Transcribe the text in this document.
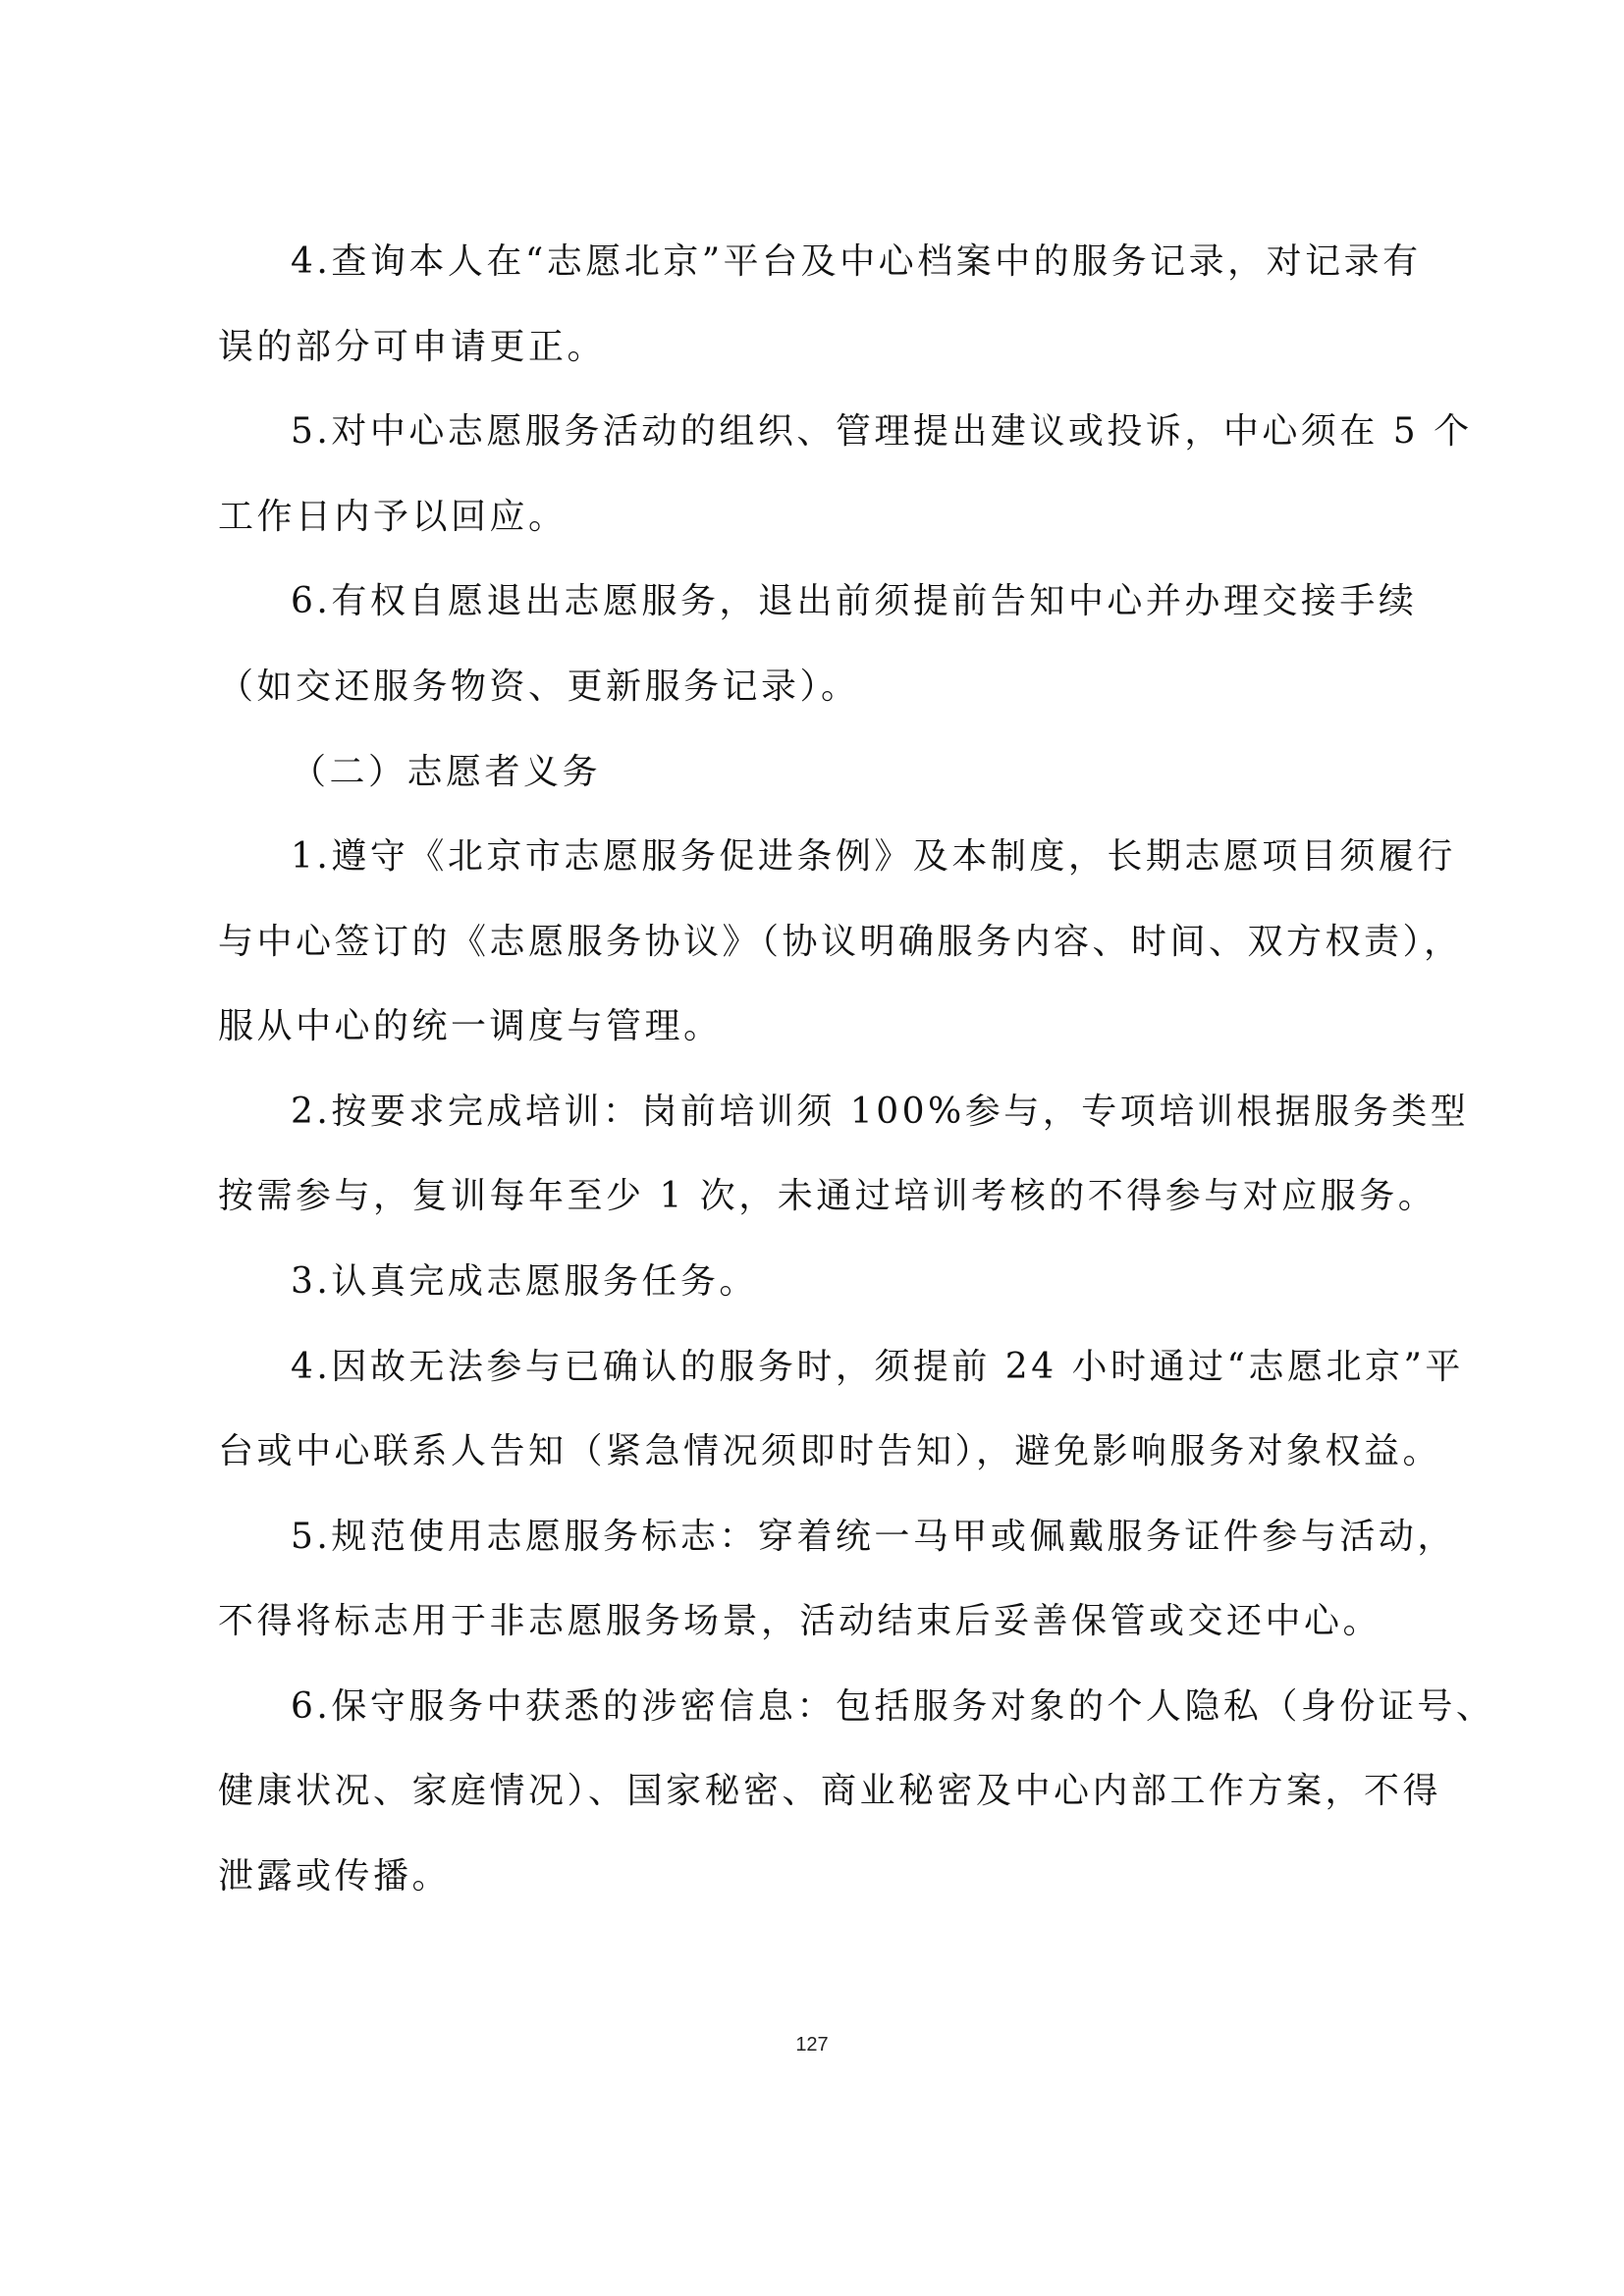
4.查询本人在“志愿北京”平台及中心档案中的服务记录，对记录有
误的部分可申请更正。
5.对中心志愿服务活动的组织、管理提出建议或投诉，中心须在 5 个
工作日内予以回应。
6.有权自愿退出志愿服务，退出前须提前告知中心并办理交接手续
（如交还服务物资、更新服务记录）。
（二）志愿者义务
1.遵守《北京市志愿服务促进条例》及本制度，长期志愿项目须履行
与中心签订的《志愿服务协议》（协议明确服务内容、时间、双方权责），
服从中心的统一调度与管理。
2.按要求完成培训：岗前培训须 100%参与，专项培训根据服务类型
按需参与，复训每年至少 1 次，未通过培训考核的不得参与对应服务。
3.认真完成志愿服务任务。
4.因故无法参与已确认的服务时，须提前 24 小时通过“志愿北京”平
台或中心联系人告知（紧急情况须即时告知），避免影响服务对象权益。
5.规范使用志愿服务标志：穿着统一马甲或佩戴服务证件参与活动，
不得将标志用于非志愿服务场景，活动结束后妥善保管或交还中心。
6.保守服务中获悉的涉密信息：包括服务对象的个人隐私（身份证号、
健康状况、家庭情况）、国家秘密、商业秘密及中心内部工作方案，不得
泄露或传播。
127
